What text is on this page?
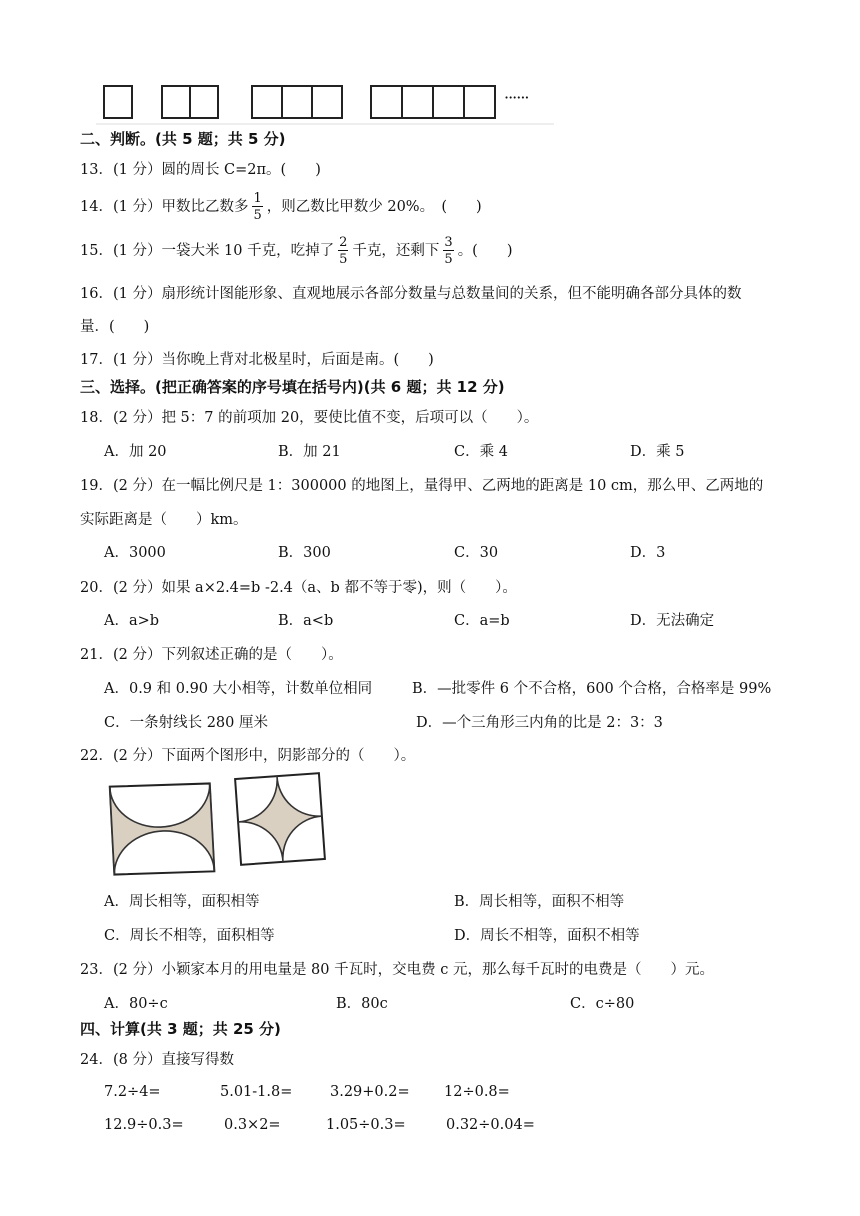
······
二、判断。(共 5 题；共 5 分)
13．(1 分）圆的周长 C=2π。(　　)
14．(1 分）甲数比乙数多 $\frac{1}{5}$ ，则乙数比甲数少 20%。　(　　)
15．(1 分）一袋大米 10 千克，吃掉了 $\frac{2}{5}$ 千克，还剩下 $\frac{3}{5}$ 。(　　)
16．(1 分）扇形统计图能形象、直观地展示各部分数量与总数量间的关系，但不能明确各部分具体的数
量．(　　)
17．(1 分）当你晚上背对北极星时，后面是南。(　　)
三、选择。(把正确答案的序号填在括号内)(共 6 题；共 12 分)
18．(2 分）把 5：7 的前项加 20，要使比值不变，后项可以（　　）。
A．加 20	B．加 21	C．乘 4	D．乘 5
19．(2 分）在一幅比例尺是 1：300000 的地图上，量得甲、乙两地的距离是 10 cm，那么甲、乙两地的
实际距离是（　　）km。
A．3000	B．300	C．30	D．3
20．(2 分）如果 a×2.4=b -2.4（a、b 都不等于零)，则（　　）。
A．a>b	B．a<b	C．a=b	D．无法确定
21．(2 分）下列叙述正确的是（　　）。
A．0.9 和 0.90 大小相等，计数单位相同	B．—批零件 6 个不合格，600 个合格，合格率是 99%
C．一条射线长 280 厘米	D．—个三角形三内角的比是 2：3：3
22．(2 分）下面两个图形中，阴影部分的（　　）。
A．周长相等，面积相等	B．周长相等，面积不相等
C．周长不相等，面积相等	D．周长不相等，面积不相等
23．(2 分）小颖家本月的用电量是 80 千瓦时，交电费 c 元，那么每千瓦时的电费是（　　）元。
A．80÷c	B．80c	C．c÷80
四、计算(共 3 题；共 25 分)
24．(8 分）直接写得数
7.2÷4=	5.01-1.8=	3.29+0.2= 12÷0.8=
12.9÷0.3=	0.3×2=	1.05÷0.3=	0.32÷0.04=
